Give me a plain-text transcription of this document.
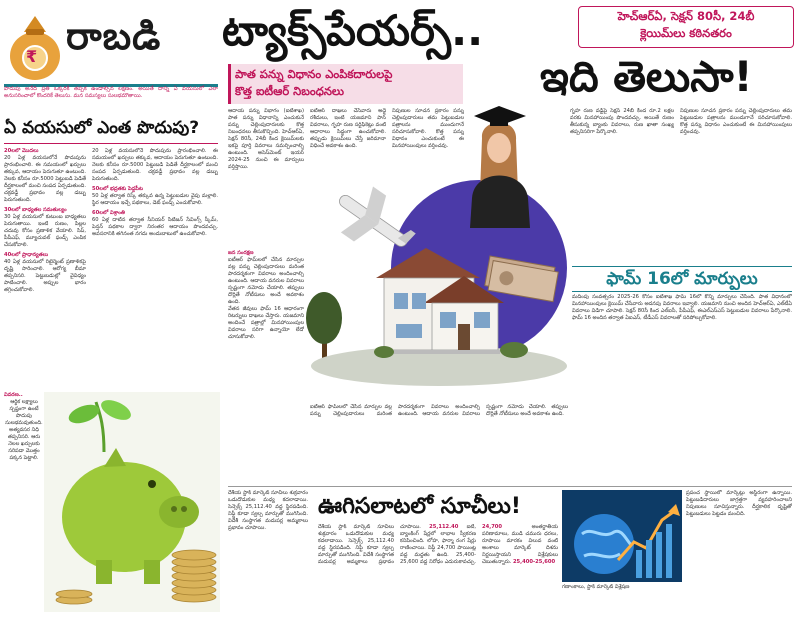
₹ రాబడి
పొదుపు అనేది ప్రతి ఒక్కరికీ తప్పక ఉండాల్సిన లక్షణం. అయితే దాన్ని ఏ వయసులో ఎలా అనుసరించాలో కొందరికే తెలుసు. మన సమస్యలు సులభమౌతాయి.
ఏ వయసులో ఎంత పొదుపు?
20లలో మొదలు
20 ఏళ్ల వయసులోనే పొదుపును ప్రారంభించాలి. ఈ సమయంలో ఖర్చులు తక్కువ, ఆదాయం పెరుగుతూ ఉంటుంది. నెలకు కనీసం రూ.5000 పెట్టుబడి పెడితే దీర్ఘకాలంలో మంచి సంపద ఏర్పడుతుంది. చక్రవడ్డీ ప్రభావం వల్ల డబ్బు పెరుగుతుంది.
30లలో బాధ్యతల సమతుల్యం
30 ఏళ్ల వయసులో కుటుంబ బాధ్యతలు పెరుగుతాయి. ఇంటి రుణం, పిల్లల చదువు కోసం ప్రణాళిక వేయాలి. సిప్‌, పీపీఎఫ్‌, మ్యూచువల్‌ ఫండ్స్‌ ఎంపిక చేసుకోవాలి.
40లలో ప్రాధాన్యతలు
40 ఏళ్ల వయసులో రిటైర్మెంట్‌ ప్రణాళికపై దృష్టి సారించాలి. ఆరోగ్య బీమా తప్పనిసరి. పెట్టుబడుల్లో వైవిధ్యం పాటించాలి. అప్పుల భారం తగ్గించుకోవాలి.
20 ఏళ్ల వయసులోనే పొదుపును ప్రారంభించాలి. ఈ సమయంలో ఖర్చులు తక్కువ, ఆదాయం పెరుగుతూ ఉంటుంది. నెలకు కనీసం రూ.5000 పెట్టుబడి పెడితే దీర్ఘకాలంలో మంచి సంపద ఏర్పడుతుంది. చక్రవడ్డీ ప్రభావం వల్ల డబ్బు పెరుగుతుంది.
50లలో భద్రతకు పెద్దపీట
50 ఏళ్ల తర్వాత రిస్క్‌ తక్కువ ఉన్న పెట్టుబడుల వైపు మళ్లాలి. స్థిర ఆదాయం ఇచ్చే పథకాలు, డెట్‌ ఫండ్స్‌ ఎంచుకోవాలి.
60లలో విశ్రాంతి
60 ఏళ్ల దాటిన తర్వాత సీనియర్‌ సిటిజన్‌ సేవింగ్స్‌ స్కీమ్‌, పెన్షన్‌ పథకాల ద్వారా నిరంతర ఆదాయం పొందవచ్చు. అవసరానికి తగినంత నగదు అందుబాటులో ఉంచుకోవాలి.
వివరణ..
ఆర్థిక లక్ష్యాలు స్పష్టంగా ఉంటే పొదుపు సులభమవుతుంది. అత్యవసర నిధి తప్పనిసరి. ఆరు నెలల ఖర్చులకు సరిపడా మొత్తం పక్కన పెట్టాలి.
ట్యాక్స్‌పేయర్స్‌..	హెచ్‌ఆర్‌ఏ, సెక్షన్‌ 80సీ, 24బీ
క్లెయిమ్‌లు కఠినతరం
ఇది తెలుసా!
పాత పన్ను విధానం ఎంపికదారులపై
కొత్త ఐటీఆర్‌ నిబంధనలు
ఆదాయ పన్ను విభాగం (ఐటీశాఖ) పాత పన్ను విధానాన్ని ఎంచుకునే పన్ను చెల్లింపుదారులకు కొత్త నిబంధనలు తీసుకొచ్చింది. హెచ్‌ఆర్‌ఏ, సెక్షన్‌ 80సీ, 24బీ కింద క్లెయిమ్‌లకు ఇకపై పూర్తి వివరాలు సమర్పించాల్సి ఉంటుంది. అసెస్‌మెంట్‌ ఇయర్‌ 2024-25 నుంచి ఈ మార్పులు వర్తిస్తాయి.
ఐటీఆర్‌ దాఖలు చేసేవారు అద్దె రశీదులు, ఇంటి యజమాని పాన్‌ వివరాలు, గృహ రుణ సర్టిఫికెట్లు వంటి ఆధారాలు సిద్ధంగా ఉంచుకోవాలి. తప్పుడు క్లెయిమ్‌లు చేస్తే జరిమానా విధించే అవకాశం ఉంది.
నిపుణుల సూచన ప్రకారం పన్ను చెల్లింపుదారులు తమ పెట్టుబడుల పత్రాలను ముందుగానే సరిచూసుకోవాలి. కొత్త పన్ను విధానం ఎంచుకుంటే ఈ మినహాయింపులు వర్తించవు.
జన సంరక్షణ
ఐటీఆర్‌ ఫామ్‌లలో చేసిన మార్పుల వల్ల పన్ను చెల్లింపుదారులు మరింత పారదర్శకంగా వివరాలు అందించాల్సి ఉంటుంది. ఆదాయ వనరుల వివరాలు స్పష్టంగా నమోదు చేయాలి. తప్పులు దొర్లితే నోటీసులు అందే అవకాశం ఉంది.
వేతన జీవులు ఫామ్‌ 16 ఆధారంగా రిటర్నులు దాఖలు చేస్తారు. యజమాని అందించే పత్రాల్లో మినహాయింపుల వివరాలు సరిగా ఉన్నాయో లేదో చూసుకోవాలి.
గృహ రుణ వడ్డీపై సెక్షన్‌ 24బీ కింద రూ.2 లక్షల వరకు మినహాయింపు పొందవచ్చు. అయితే రుణం తీసుకున్న బ్యాంకు వివరాలు, రుణ ఖాతా సంఖ్య తప్పనిసరిగా పేర్కొనాలి.
నిపుణుల సూచన ప్రకారం పన్ను చెల్లింపుదారులు తమ పెట్టుబడుల పత్రాలను ముందుగానే సరిచూసుకోవాలి. కొత్త పన్ను విధానం ఎంచుకుంటే ఈ మినహాయింపులు వర్తించవు.
ఫామ్‌ 16లో మార్పులు
మదింపు సంవత్సరం 2025-26 కోసం ఐటీశాఖ ఫామ్‌ 16లో కొన్ని మార్పులు చేసింది. పాత విధానంలో మినహాయింపులు క్లెయిమ్‌ చేసేవారు అదనపు వివరాలు ఇవ్వాలి. యజమాని నుంచి అందిన హెచ్‌ఆర్‌ఏ, ఎల్‌టీఏ వివరాలు విడిగా చూపాలి. సెక్షన్‌ 80సీ కింద ఎల్‌ఐసీ, పీపీఎఫ్‌, ఈఎల్‌ఎస్‌ఎస్‌ పెట్టుబడుల వివరాలు పేర్కొనాలి. ఫామ్‌ 16 అందిన తర్వాత ఏఐఎస్‌, టీడీఎస్‌ వివరాలతో సరిపోల్చుకోవాలి.
ఐటీఆర్‌ ఫామ్‌లలో చేసిన మార్పుల వల్ల పన్ను చెల్లింపుదారులు మరింత పారదర్శకంగా వివరాలు అందించాల్సి ఉంటుంది. ఆదాయ వనరుల వివరాలు స్పష్టంగా నమోదు చేయాలి. తప్పులు దొర్లితే నోటీసులు అందే అవకాశం ఉంది.
దేశీయ స్టాక్‌ మార్కెట్‌ సూచీలు శుక్రవారం ఒడుదొడుకుల మధ్య కదలాడాయి. సెన్సెక్స్‌ 25,112.40 వద్ద స్థిరపడింది. నిఫ్టీ కూడా స్వల్ప మార్పుతో ముగిసింది. విదేశీ సంస్థాగత మదుపర్ల అమ్మకాలు ప్రభావం చూపాయి.
ఊగిసలాటలో సూచీలు!
దేశీయ స్టాక్‌ మార్కెట్‌ సూచీలు శుక్రవారం ఒడుదొడుకుల మధ్య కదలాడాయి. సెన్సెక్స్‌ 25,112.40 వద్ద స్థిరపడింది. నిఫ్టీ కూడా స్వల్ప మార్పుతో ముగిసింది. విదేశీ సంస్థాగత మదుపర్ల అమ్మకాలు ప్రభావం చూపాయి. 25,112.40 ఐటీ, బ్యాంకింగ్‌ షేర్లలో లాభాల స్వీకరణ కనిపించింది. లోహ, ఫార్మా రంగ షేర్లు రాణించాయి. నిఫ్టీ 24,700 పాయింట్ల వద్ద మద్దతు ఉంది. 25,400-25,600 వద్ద నిరోధం ఎదురుకావచ్చు. 24,700	అంతర్జాతీయ పరిణామాలు, ముడి చమురు ధరలు, రూపాయి మారకం విలువ వంటి అంశాలు మార్కెట్‌ దిశను నిర్ణయిస్తాయని విశ్లేషకులు చెబుతున్నారు. 25,400-25,600
గణాంకాలు, స్టాక్‌ మార్కెట్‌ విశ్లేషణ
ప్రపంచ స్థాయిలో మార్కెట్లు అస్థిరంగా ఉన్నాయి. పెట్టుబడిదారులు జాగ్రత్తగా వ్యవహరించాలని నిపుణులు సూచిస్తున్నారు. దీర్ఘకాలిక దృష్టితో పెట్టుబడులు పెట్టడం మంచిది.
